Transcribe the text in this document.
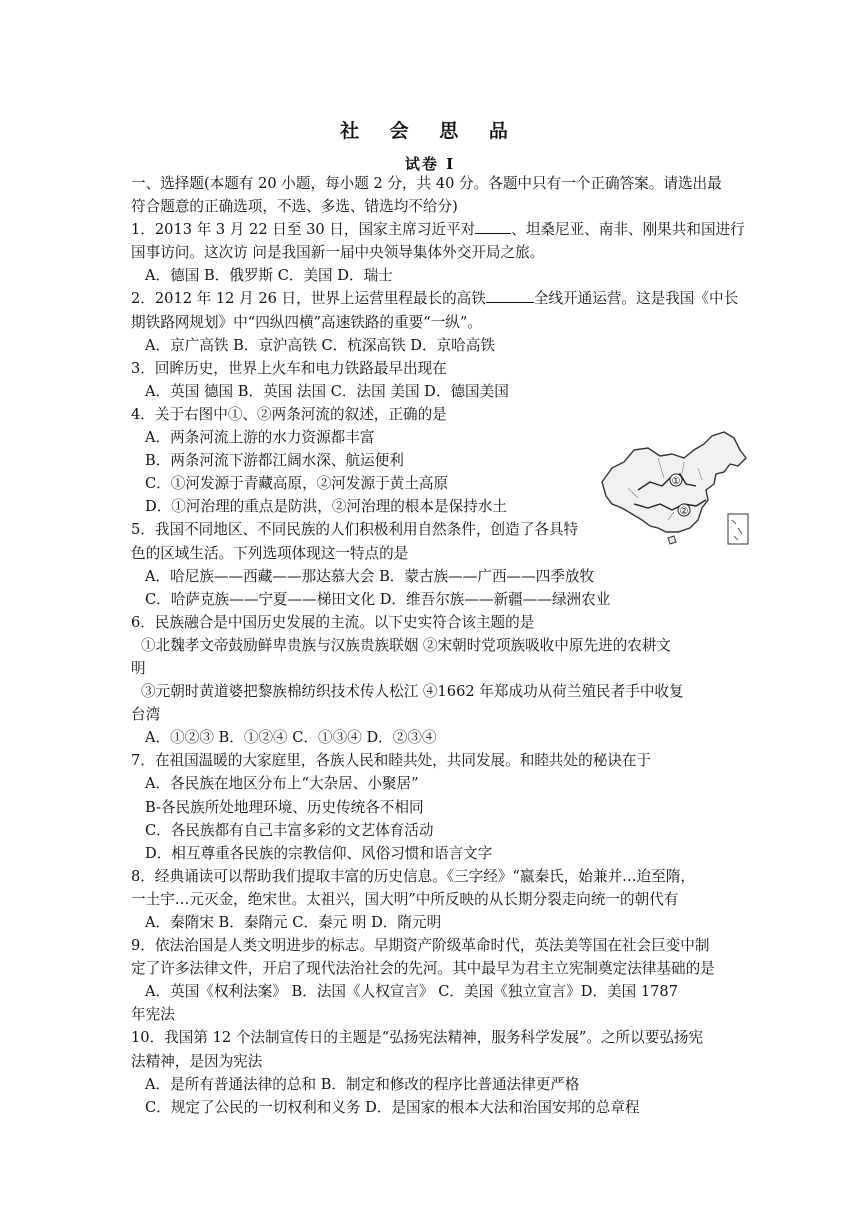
社 会 思 品
试卷 Ⅰ
一、选择题(本题有 20 小题，每小题 2 分，共 40 分。各题中只有一个正确答案。请选出最
符合题意的正确选项，不选、多选、错选均不给分)
1．2013 年 3 月 22 日至 30 日，国家主席习近平对 、坦桑尼亚、南非、刚果共和国进行
国事访问。这次访 问是我国新一届中央领导集体外交开局之旅。
A．德国 B．俄罗斯 C．美国 D．瑞士
2．2012 年 12 月 26 日，世界上运营里程最长的高铁	全线开通运营。这是我国《中长
期铁路网规划》中“四纵四横”高速铁路的重要“一纵”。
A．京广高铁 B．京沪高铁 C．杭深高铁 D．京哈高铁
3．回眸历史，世界上火车和电力铁路最早出现在
A．英国 德国 B．英国 法国 C．法国 美国 D．德国美国
4．关于右图中①、②两条河流的叙述，正确的是
A．两条河流上游的水力资源都丰富
B．两条河流下游都江阔水深、航运便利
C．①河发源于青藏高原，②河发源于黄土高原
D．①河治理的重点是防洪，②河治理的根本是保持水土
5．我国不同地区、不同民族的人们积极利用自然条件，创造了各具特
色的区域生活。下列选项体现这一特点的是
A．哈尼族——西藏——那达慕大会 B．蒙古族——广西——四季放牧
C．哈萨克族——宁夏——梯田文化 D．维吾尔族——新疆——绿洲农业
6．民族融合是中国历史发展的主流。以下史实符合该主题的是
①北魏孝文帝鼓励鲜卑贵族与汉族贵族联姻 ②宋朝时党项族吸收中原先进的农耕文
明
③元朝时黄道婆把黎族棉纺织技术传人松江 ④1662 年郑成功从荷兰殖民者手中收复
台湾
A．①②③ B．①②④ C．①③④ D．②③④
7．在祖国温暖的大家庭里，各族人民和睦共处，共同发展。和睦共处的秘诀在于
A．各民族在地区分布上“大杂居、小聚居”
B-各民族所处地理环境、历史传统各不相同
C．各民族都有自己丰富多彩的文艺体育活动
D．相互尊重各民族的宗教信仰、风俗习惯和语言文字
8．经典诵读可以帮助我们提取丰富的历史信息。《三字经》“嬴秦氏，始兼并…迨至隋，
一土宇…元灭金，绝宋世。太祖兴，国大明”中所反映的从长期分裂走向统一的朝代有
A．秦隋宋 B．秦隋元 C．秦元 明 D．隋元明
9．依法治国是人类文明进步的标志。早期资产阶级革命时代，英法美等国在社会巨变中制
定了许多法律文件，开启了现代法治社会的先河。其中最早为君主立宪制奠定法律基础的是
A．英国《权利法案》 B．法国《人权宣言》 C．美国《独立宣言》D．美国 1787
年宪法
10．我国第 12 个法制宣传日的主题是“弘扬宪法精神，服务科学发展”。之所以要弘扬宪
法精神，是因为宪法
A．是所有普通法律的总和 B．制定和修改的程序比普通法律更严格
C．规定了公民的一切权利和义务 D．是国家的根本大法和治国安邦的总章程
①
②
